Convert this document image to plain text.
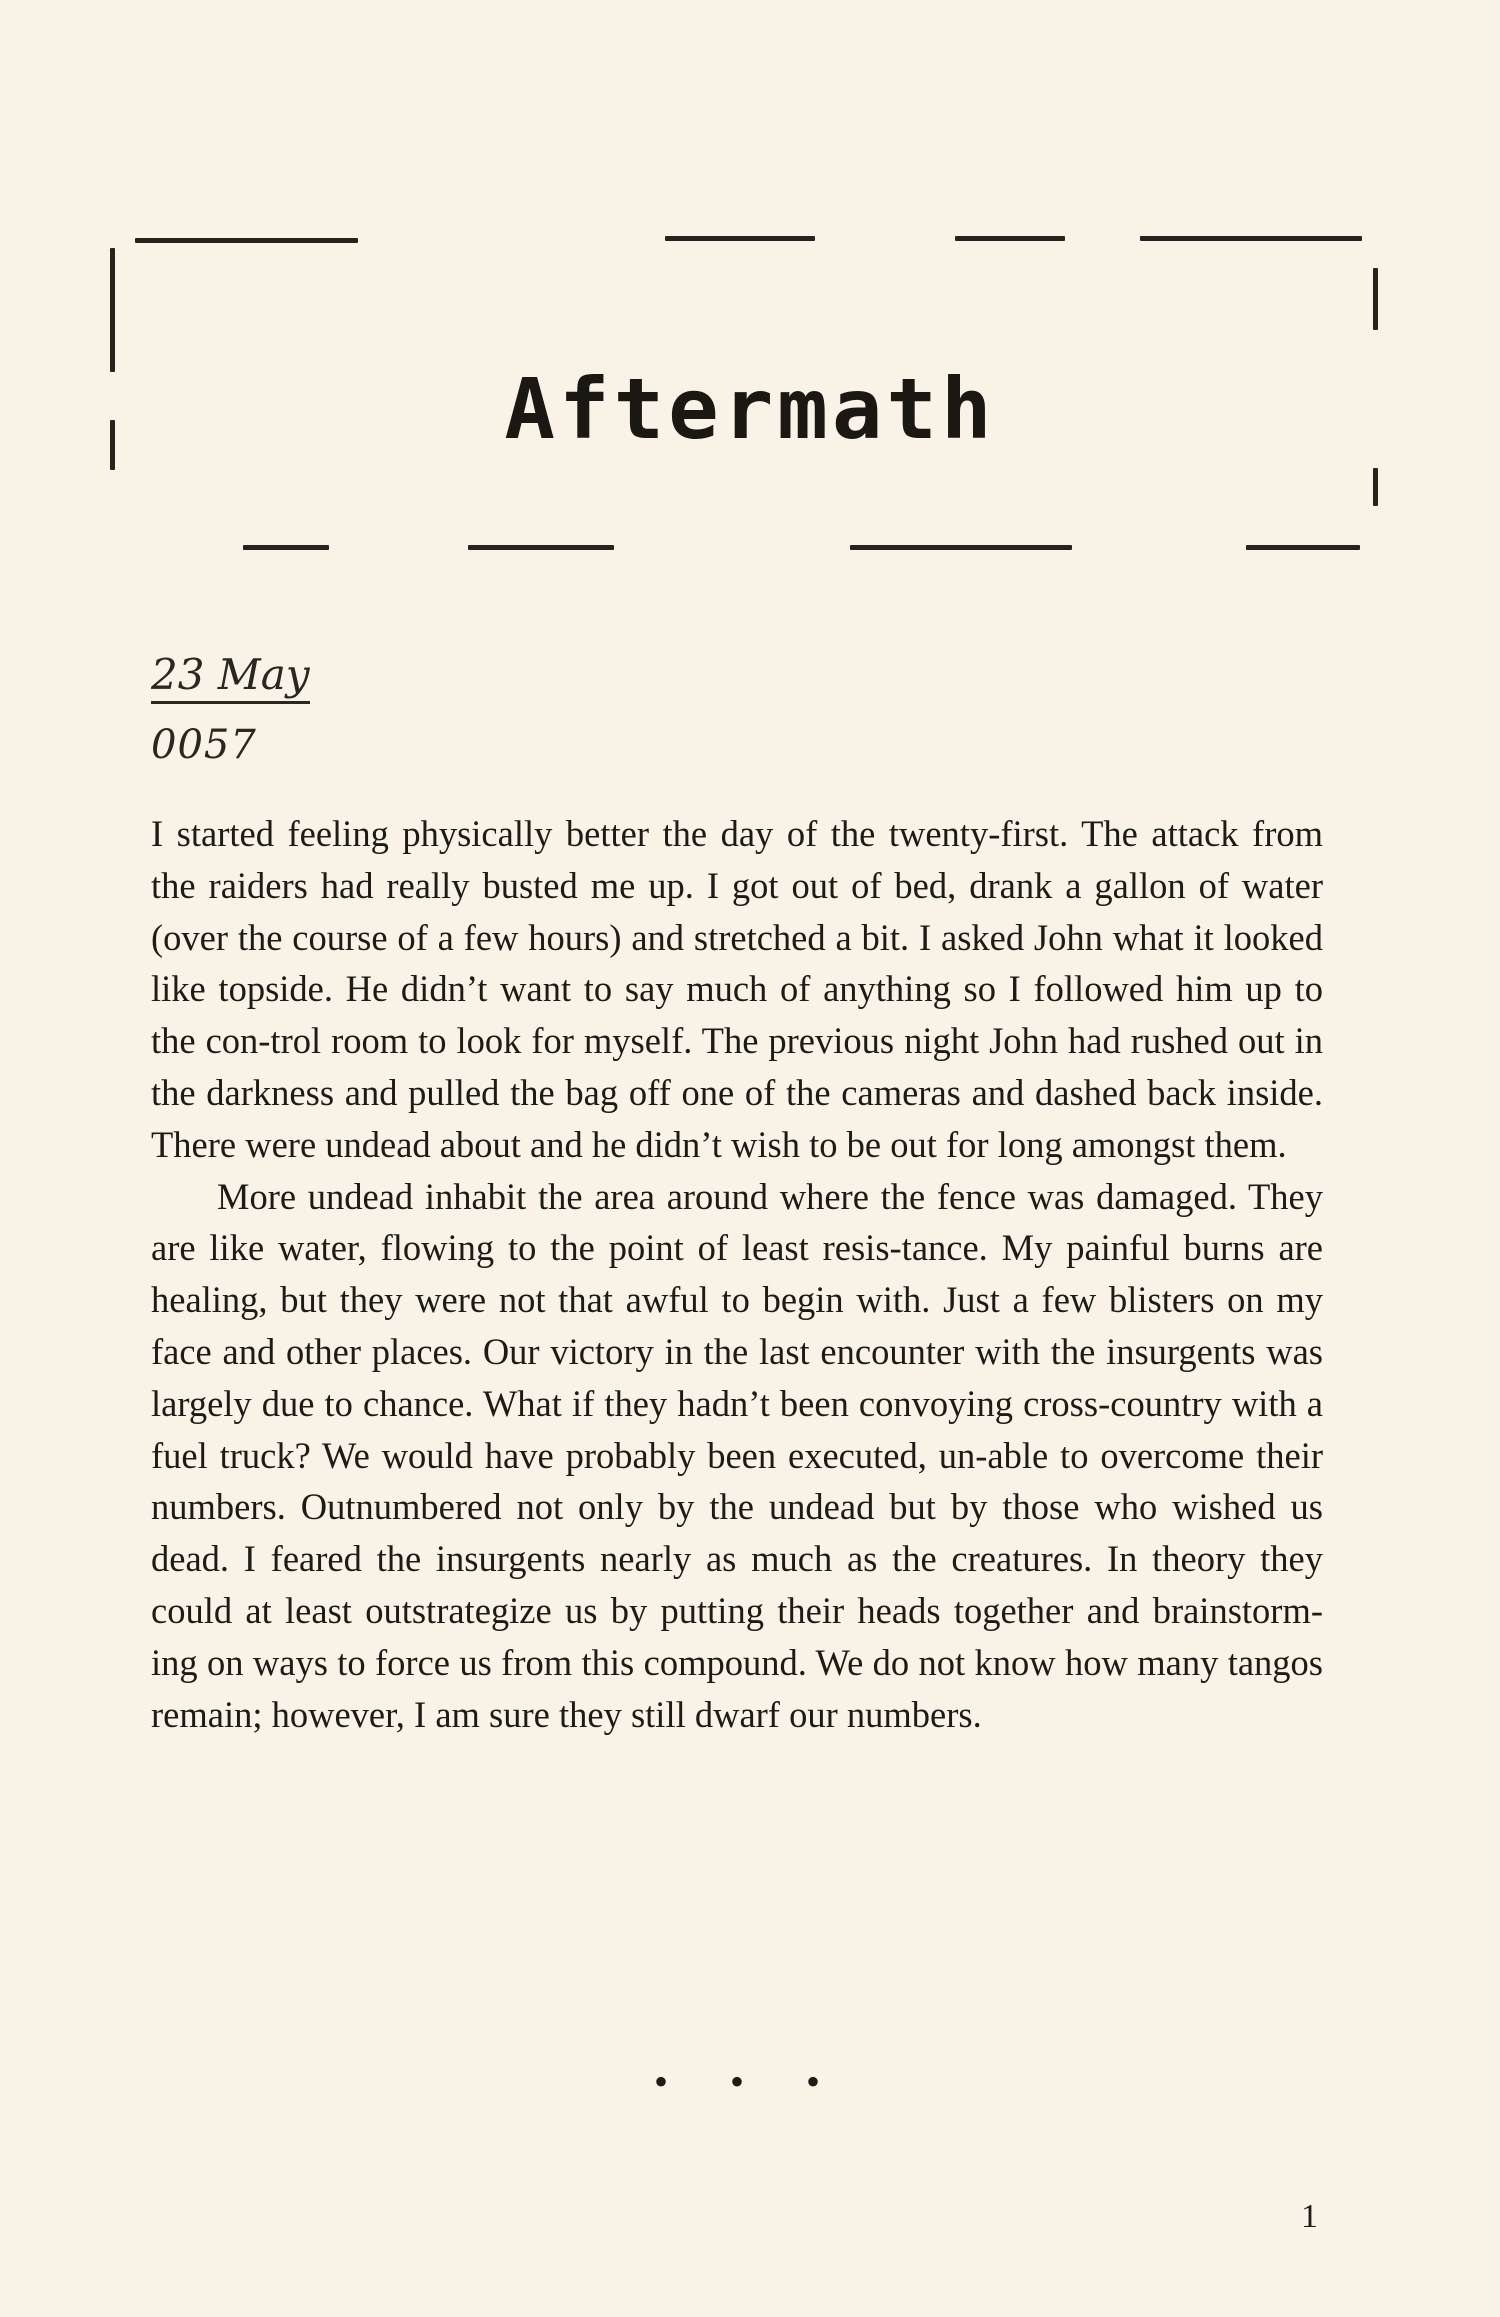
Aftermath
23 May
0057

I started feeling physically better the day of the twenty-first. The attack from the raiders had really busted me up. I got out of bed, drank a gallon of water (over the course of a few hours) and stretched a bit. I asked John what it looked like topside. He didn’t want to say much of anything so I followed him up to the con-trol room to look for myself. The previous night John had rushed out in the darkness and pulled the bag off one of the cameras and dashed back inside. There were undead about and he didn’t wish to be out for long amongst them.

More undead inhabit the area around where the fence was damaged. They are like water, flowing to the point of least resis-tance. My painful burns are healing, but they were not that awful to begin with. Just a few blisters on my face and other places. Our victory in the last encounter with the insurgents was largely due to chance. What if they hadn’t been convoying cross-country with a fuel truck? We would have probably been executed, un-able to overcome their numbers. Outnumbered not only by the undead but by those who wished us dead. I feared the insurgents nearly as much as the creatures. In theory they could at least outstrategize us by putting their heads together and brainstorm-ing on ways to force us from this compound. We do not know how many tangos remain; however, I am sure they still dwarf our numbers.

• • •
1
